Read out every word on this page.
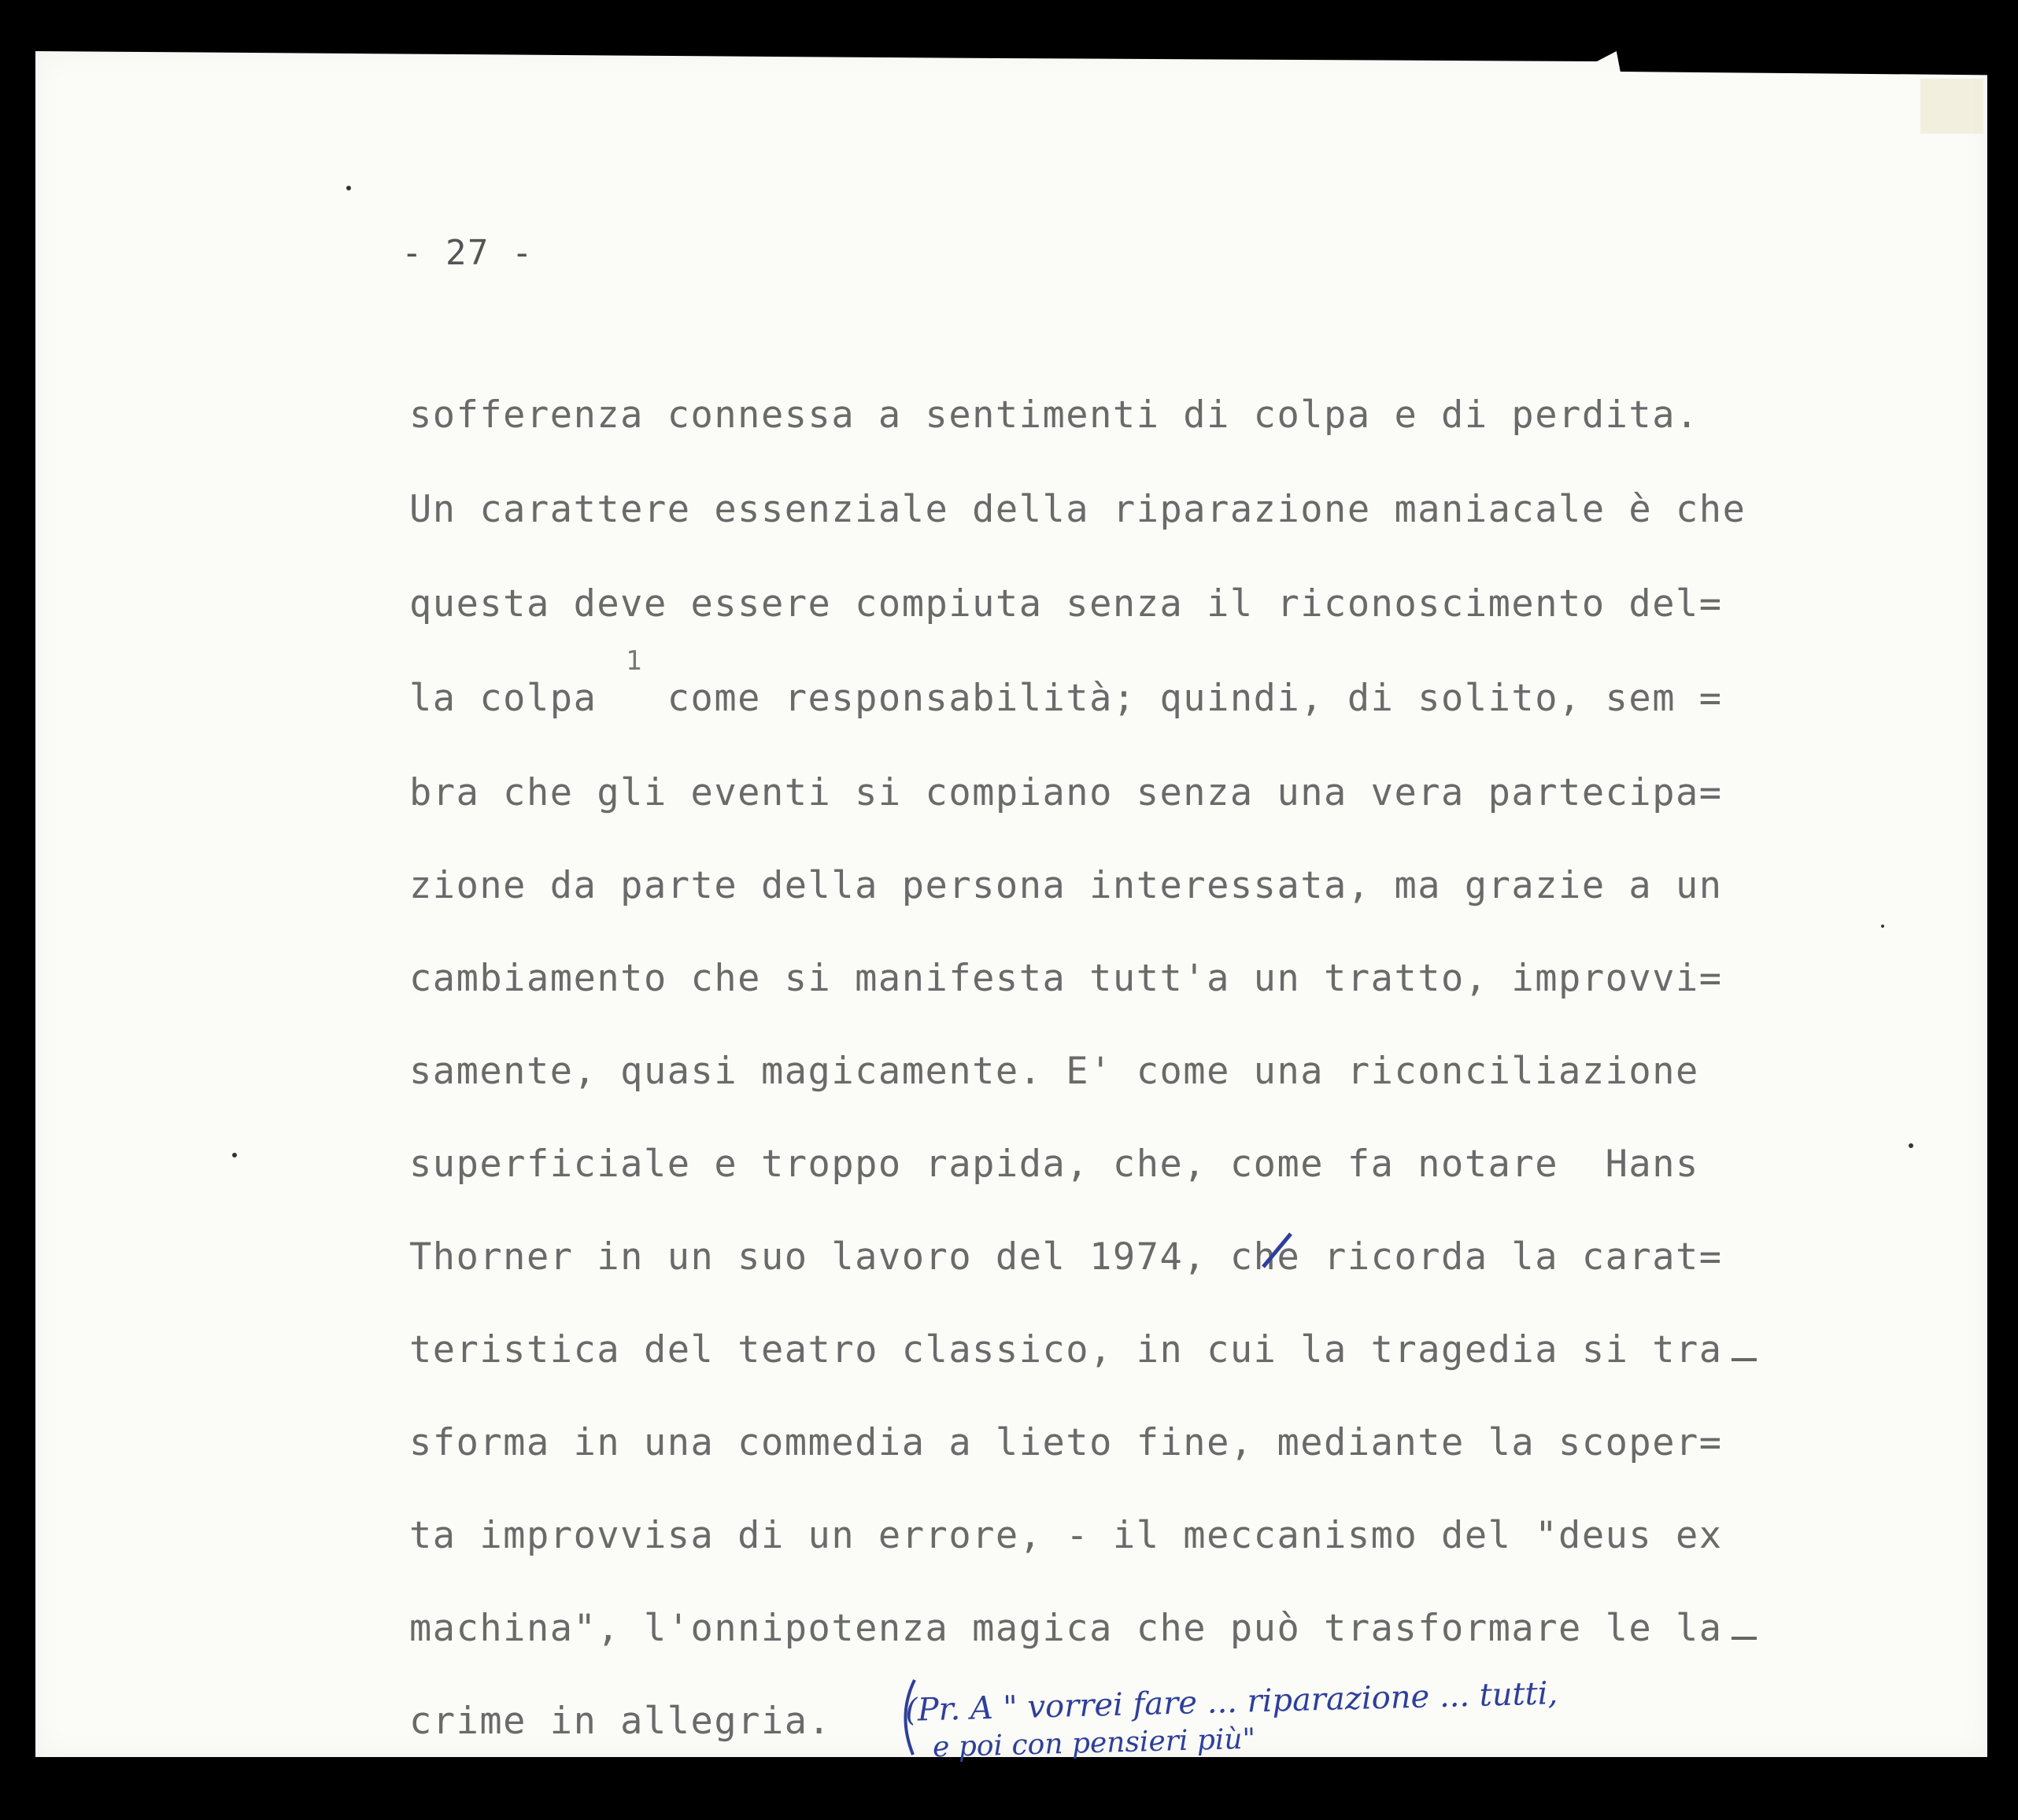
- 27 -
sofferenza connessa a sentimenti di colpa e di perdita.
Un carattere essenziale della riparazione maniacale è che
questa deve essere compiuta senza il riconoscimento del=
la colpa   come responsabilità; quindi, di solito, sem =
bra che gli eventi si compiano senza una vera partecipa=
zione da parte della persona interessata, ma grazie a un
cambiamento che si manifesta tutt'a un tratto, improvvi=
samente, quasi magicamente. E' come una riconciliazione
superficiale e troppo rapida, che, come fa notare  Hans
Thorner in un suo lavoro del 1974, che ricorda la carat=
teristica del teatro classico, in cui la tragedia si tra
sforma in una commedia a lieto fine, mediante la scoper=
ta improvvisa di un errore, - il meccanismo del "deus ex
machina", l'onnipotenza magica che può trasformare le la
crime in allegria.
1
(Pr. A " vorrei fare ... riparazione ... tutti,
e poi con pensieri più"
